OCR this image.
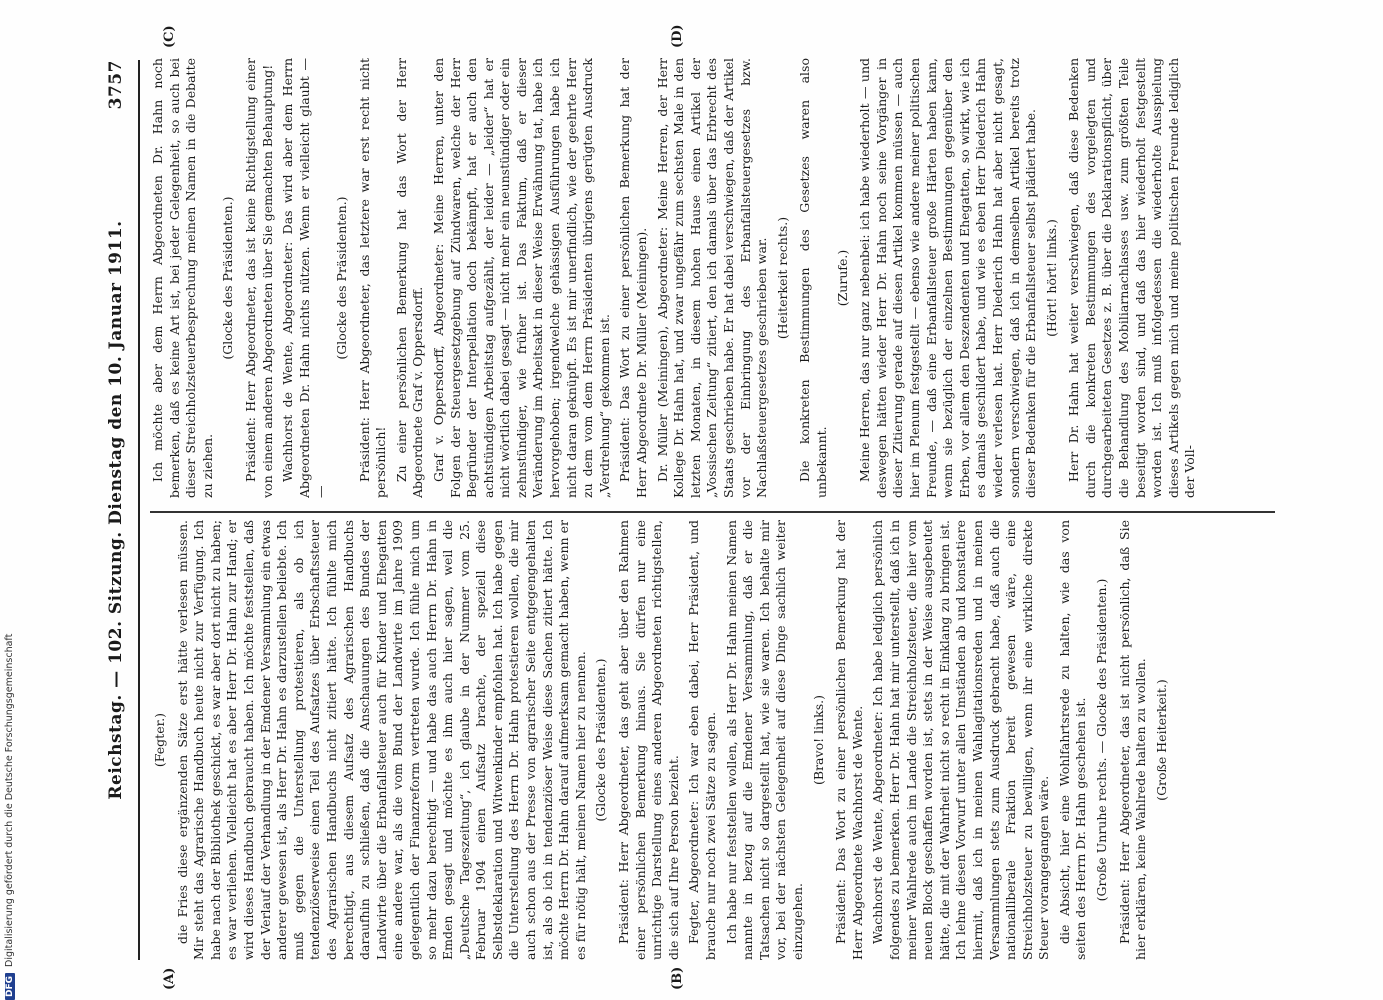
Reichstag. — 102. Sitzung. Dienstag den 10. Januar 1911.
3757
(A)	(B)
(C)	(D)

(Fegter.) die Fries diese ergänzenden Sätze erst hätte verlesen müssen. Mir steht das Agrarische Handbuch heute nicht zur Verfügung. Ich habe nach der Bibliothek geschickt, es war aber dort nicht zu haben; es war verliehen. Vielleicht hat es aber Herr Dr. Hahn zur Hand; er wird dieses Handbuch gebraucht haben. Ich möchte feststellen, daß der Verlauf der Verhandlung in der Emdener Versammlung ein etwas anderer gewesen ist, als Herr Dr. Hahn es darzustellen beliebte. Ich muß gegen die Unterstellung protestieren, als ob ich tendenziöserweise einen Teil des Aufsatzes über Erbschaftssteuer des Agrarischen Handbuchs nicht zitiert hätte. Ich fühlte mich berechtigt, aus diesem Aufsatz des Agrarischen Handbuchs daraufhin zu schließen, daß die Anschauungen des Bundes der Landwirte über die Erbanfallsteuer auch für Kinder und Ehegatten eine andere war, als die vom Bund der Landwirte im Jahre 1909 gelegentlich der Finanzreform vertreten wurde. Ich fühle mich um so mehr dazu berechtigt — und habe das auch Herrn Dr. Hahn in Emden gesagt und möchte es ihm auch hier sagen, weil die „Deutsche Tageszeitung“, ich glaube in der Nummer vom 25. Februar 1904 einen Aufsatz brachte, der speziell diese Selbstdeklaration und Witwenkinder empfohlen hat. Ich habe gegen die Unterstellung des Herrn Dr. Hahn protestieren wollen, die mir auch schon aus der Presse von agrarischer Seite entgegengehalten ist, als ob ich in tendenziöser Weise diese Sachen zitiert hätte. Ich möchte Herrn Dr. Hahn darauf aufmerksam gemacht haben, wenn er es für nötig hält, meinen Namen hier zu nennen. (Glocke des Präsidenten.) Präsident: Herr Abgeordneter, das geht aber über den Rahmen einer persönlichen Bemerkung hinaus. Sie dürfen nur eine unrichtige Darstellung eines anderen Abgeordneten richtigstellen, die sich auf Ihre Person bezieht. Fegter, Abgeordneter: Ich war eben dabei, Herr Präsident, und brauche nur noch zwei Sätze zu sagen. Ich habe nur feststellen wollen, als Herr Dr. Hahn meinen Namen nannte in bezug auf die Emdener Versammlung, daß er die Tatsachen nicht so dargestellt hat, wie sie waren. Ich behalte mir vor, bei der nächsten Gelegenheit auf diese Dinge sachlich weiter einzugehen.

(Bravo! links.) Präsident: Das Wort zu einer persönlichen Bemerkung hat der Herr Abgeordnete Wachhorst de Wente. Wachhorst de Wente, Abgeordneter: Ich habe lediglich persönlich folgendes zu bemerken. Herr Dr. Hahn hat mir unterstellt, daß ich in meiner Wahlrede auch im Lande die Streichholzsteuer, die hier vom neuen Block geschaffen worden ist, stets in der Weise ausgebeutet hätte, die mit der Wahrheit nicht so recht in Einklang zu bringen ist. Ich lehne diesen Vorwurf unter allen Umständen ab und konstatiere hiermit, daß ich in meinen Wahlagitationsreden und in meinen Versammlungen stets zum Ausdruck gebracht habe, daß auch die nationalliberale Fraktion bereit gewesen wäre, eine Streichholzsteuer zu bewilligen, wenn ihr eine wirkliche direkte Steuer vorangegangen wäre. die Absicht, hier eine Wohlfahrtsrede zu halten, wie das von seiten des Herrn Dr. Hahn geschehen ist. (Große Unruhe rechts. — Glocke des Präsidenten.) Präsident: Herr Abgeordneter, das ist nicht persönlich, daß Sie hier erklären, keine Wahlrede halten zu wollen. (Große Heiterkeit.)

Ich möchte aber dem Herrn Abgeordneten Dr. Hahn noch bemerken, daß es keine Art ist, bei jeder Gelegenheit, so auch bei dieser Streichholzsteuerbesprechung meinen Namen in die Debatte zu ziehen.

(Glocke des Präsidenten.) Präsident: Herr Abgeordneter, das ist keine Richtigstellung einer von einem anderen Abgeordneten über Sie gemachten Behauptung! Wachhorst de Wente, Abgeordneter: Das wird aber dem Herrn Abgeordneten Dr. Hahn nichts nützen. Wenn er vielleicht glaubt — —

(Glocke des Präsidenten.) Präsident: Herr Abgeordneter, das letztere war erst recht nicht persönlich! Zu einer persönlichen Bemerkung hat das Wort der Herr Abgeordnete Graf v. Oppersdorff. Graf v. Oppersdorff, Abgeordneter: Meine Herren, unter den Folgen der Steuergesetzgebung auf Zündwaren, welche der Herr Begründer der Interpellation doch bekämpft, hat er auch den achtstündigen Arbeitstag aufgezählt, der leider — „leider“ hat er nicht wörtlich dabei gesagt — nicht mehr ein neunstündiger oder ein zehnstündiger, wie früher ist. Das Faktum, daß er dieser Veränderung im Arbeitsakt in dieser Weise Erwähnung tat, habe ich hervorgehoben; irgendwelche gehässigen Ausführungen habe ich nicht daran geknüpft. Es ist mir unerfindlich, wie der geehrte Herr zu dem vom dem Herrn Präsidenten übrigens gerügten Ausdruck „Verdrehung“ gekommen ist. Präsident: Das Wort zu einer persönlichen Bemerkung hat der Herr Abgeordnete Dr. Müller (Meiningen). Dr. Müller (Meiningen), Abgeordneter: Meine Herren, der Herr Kollege Dr. Hahn hat, und zwar ungefähr zum sechsten Male in den letzten Monaten, in diesem hohen Hause einen Artikel der „Vossischen Zeitung“ zitiert, den ich damals über das Erbrecht des Staats geschrieben habe. Er hat dabei verschwiegen, daß der Artikel vor der Einbringung des Erbanfallsteuergesetzes bzw. Nachlaßsteuergesetzes geschrieben war. (Heiterkeit rechts.) Die konkreten Bestimmungen des Gesetzes waren also unbekannt.

(Zurufe.) Meine Herren, das nur ganz nebenbei: ich habe wiederholt — und deswegen hätten wieder Herr Dr. Hahn noch seine Vorgänger in dieser Zitierung gerade auf diesen Artikel kommen müssen — auch hier im Plenum festgestellt — ebenso wie andere meiner politischen Freunde, — daß eine Erbanfallsteuer große Härten haben kann, wenn sie bezüglich der einzelnen Bestimmungen gegenüber den Erben, vor allem den Deszendenten und Ehegatten, so wirkt, wie ich es damals geschildert habe, und wie es eben Herr Diederich Hahn wieder verlesen hat. Herr Diederich Hahn hat aber nicht gesagt, sondern verschwiegen, daß ich in demselben Artikel bereits trotz dieser Bedenken für die Erbanfallsteuer selbst plädiert habe. (Hört! hört! links.) Herr Dr. Hahn hat weiter verschwiegen, daß diese Bedenken durch die konkreten Bestimmungen des vorgelegten und durchgearbeiteten Gesetzes z. B. über die Deklarationspflicht, über die Behandlung des Mobiliarnachlasses usw. zum größten Teile beseitigt worden sind, und daß das hier wiederholt festgestellt worden ist. Ich muß infolgedessen die wiederholte Ausspielung dieses Artikels gegen mich und meine politischen Freunde lediglich der Voll-

DFGDigitalisierung gefördert durch die Deutsche Forschungsgemeinschaft
